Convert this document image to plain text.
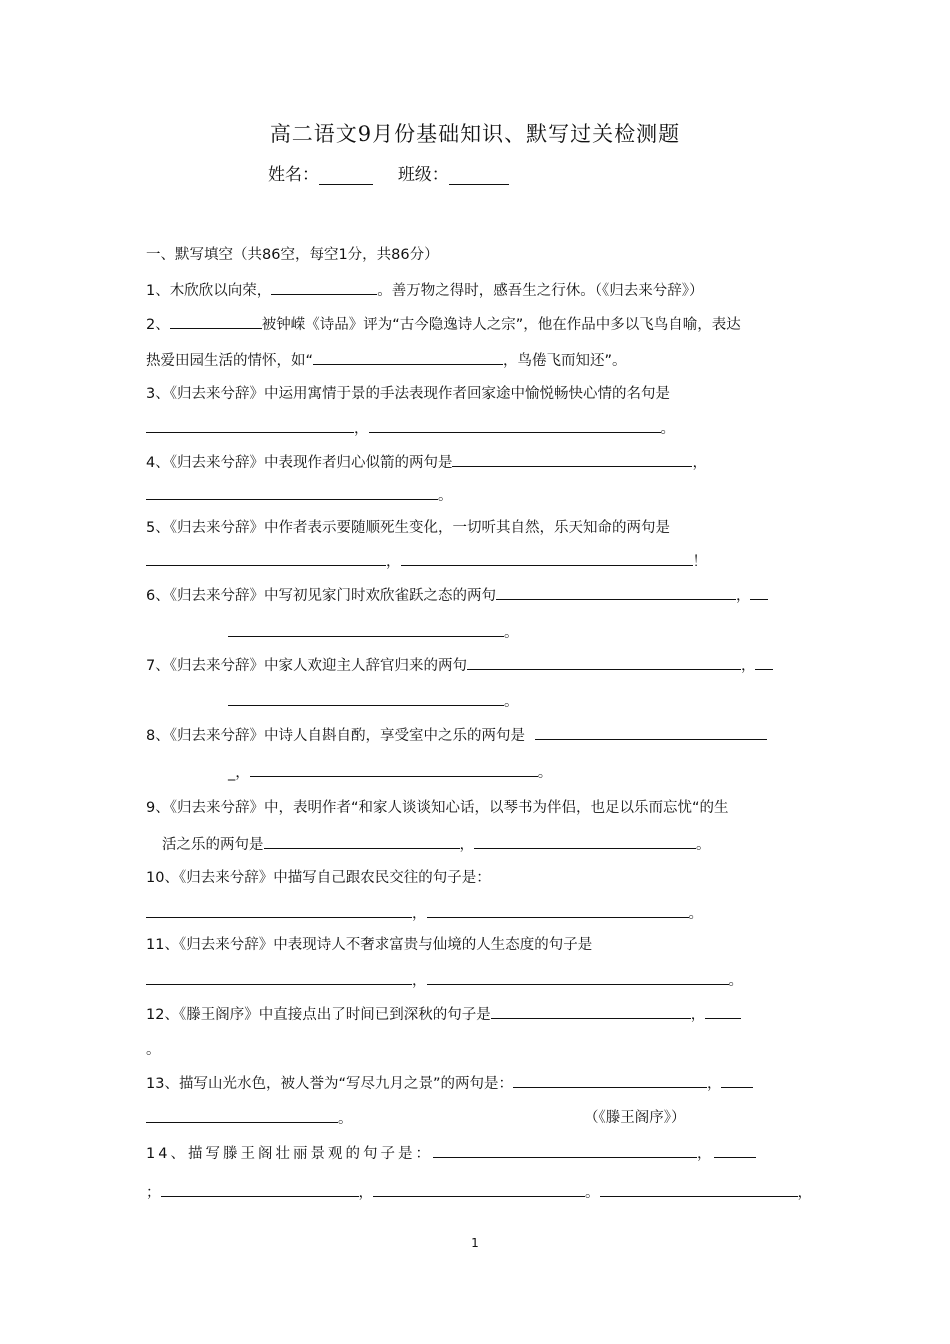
高二语文9月份基础知识、默写过关检测题
姓名：	班级：
一、默写填空（共86空，每空1分，共86分）
1、木欣欣以向荣，	。善万物之得时，感吾生之行休。（《归去来兮辞》）
2、	被钟嵘《诗品》评为“古今隐逸诗人之宗”，他在作品中多以飞鸟自喻，表达
热爱田园生活的情怀，如“	，鸟倦飞而知还”。
3、《归去来兮辞》中运用寓情于景的手法表现作者回家途中愉悦畅快心情的名句是
，	。
4、《归去来兮辞》中表现作者归心似箭的两句是	，
。
5、《归去来兮辞》中作者表示要随顺死生变化，一切听其自然，乐天知命的两句是
，	！
6、《归去来兮辞》中写初见家门时欢欣雀跃之态的两句	，
。
7、《归去来兮辞》中家人欢迎主人辞官归来的两句	，
。
8、《归去来兮辞》中诗人自斟自酌，享受室中之乐的两句是
_，	。
9、《归去来兮辞》中，表明作者“和家人谈谈知心话，以琴书为伴侣，也足以乐而忘忧“的生
活之乐的两句是	，	。
10、《归去来兮辞》中描写自己跟农民交往的句子是：
，	。
11、《归去来兮辞》中表现诗人不奢求富贵与仙境的人生态度的句子是
，	。
12、《滕王阁序》中直接点出了时间已到深秋的句子是	，
。
13、描写山光水色，被人誉为“写尽九月之景”的两句是：	，
。	（《滕王阁序》）
14、描写滕王阁壮丽景观的句子是：	，
；	，	。	，
1
